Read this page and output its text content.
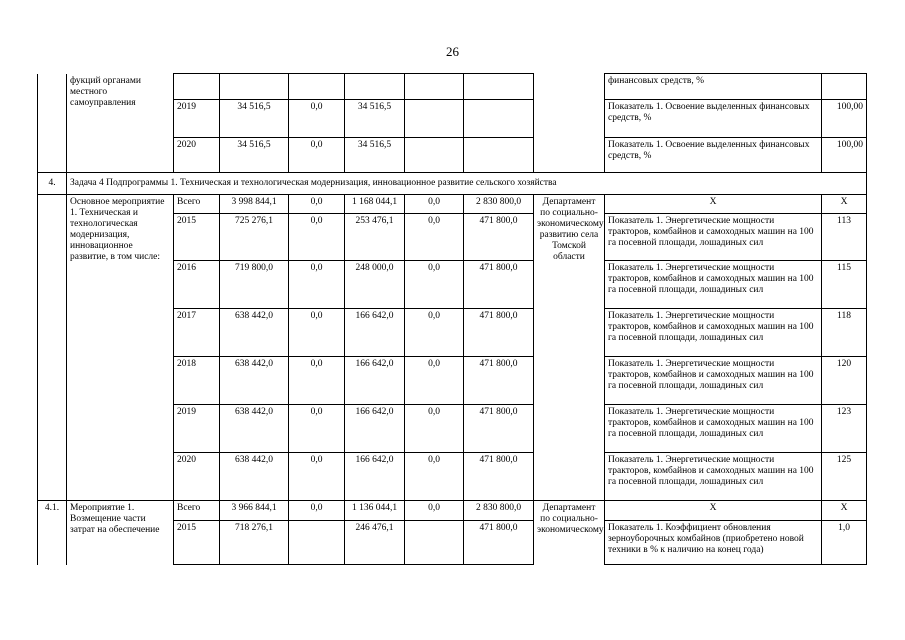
26
	фукций органами местного самоуправления								финансовых средств, %	
		2019	34 516,5	0,0	34 516,5				Показатель 1. Освоение выделенных финансовых средств, %	100,00
		2020	34 516,5	0,0	34 516,5				Показатель 1. Освоение выделенных финансовых средств, %	100,00
4.	Задача 4 Подпрограммы 1. Техническая и технологическая модернизация, инновационное развитие сельского хозяйства									
	Основное мероприятие 1. Техническая и технологическая модернизация, инновационное развитие, в том числе:	Всего	3 998 844,1	0,0	1 168 044,1	0,0	2 830 800,0	Департамент по социально-экономическому развитию села Томской области	X	X
		2015	725 276,1	0,0	253 476,1	0,0	471 800,0		Показатель 1. Энергетические мощности тракторов, комбайнов и самоходных машин на 100 га посевной площади, лошадиных сил	113
		2016	719 800,0	0,0	248 000,0	0,0	471 800,0		Показатель 1. Энергетические мощности тракторов, комбайнов и самоходных машин на 100 га посевной площади, лошадиных сил	115
		2017	638 442,0	0,0	166 642,0	0,0	471 800,0		Показатель 1. Энергетические мощности тракторов, комбайнов и самоходных машин на 100 га посевной площади, лошадиных сил	118
		2018	638 442,0	0,0	166 642,0	0,0	471 800,0		Показатель 1. Энергетические мощности тракторов, комбайнов и самоходных машин на 100 га посевной площади, лошадиных сил	120
		2019	638 442,0	0,0	166 642,0	0,0	471 800,0		Показатель 1. Энергетические мощности тракторов, комбайнов и самоходных машин на 100 га посевной площади, лошадиных сил	123
		2020	638 442,0	0,0	166 642,0	0,0	471 800,0		Показатель 1. Энергетические мощности тракторов, комбайнов и самоходных машин на 100 га посевной площади, лошадиных сил	125
4.1.	Мероприятие 1. Возмещение части затрат на обеспечение	Всего	3 966 844,1	0,0	1 136 044,1	0,0	2 830 800,0	Департамент по социально-экономическому	X	X
		2015	718 276,1		246 476,1		471 800,0		Показатель 1. Коэффициент обновления зерноуборочных комбайнов (приобретено новой техники в % к наличию на конец года)	1,0
